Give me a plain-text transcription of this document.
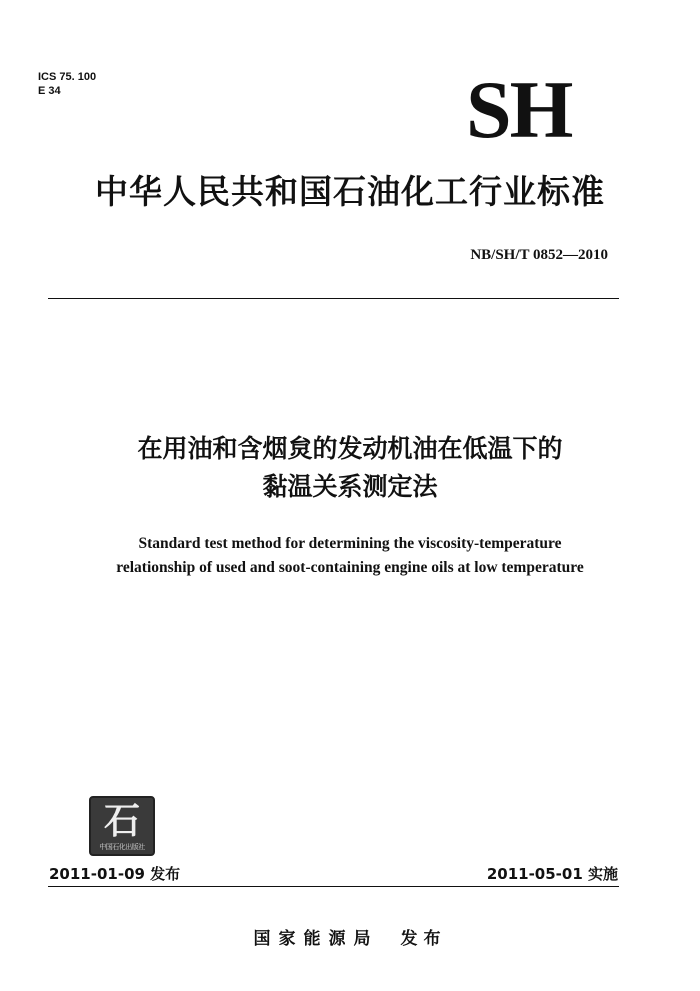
ICS 75. 100
E 34	SH
中华人民共和国石油化工行业标准
NB/SH/T 0852—2010
在用油和含烟炱的发动机油在低温下的
黏温关系测定法
Standard test method for determining the viscosity-temperature
relationship of used and soot-containing engine oils at low temperature
石
中国石化出版社
2011-01-09 发布	2011-05-01 实施
国家能源局 发布
